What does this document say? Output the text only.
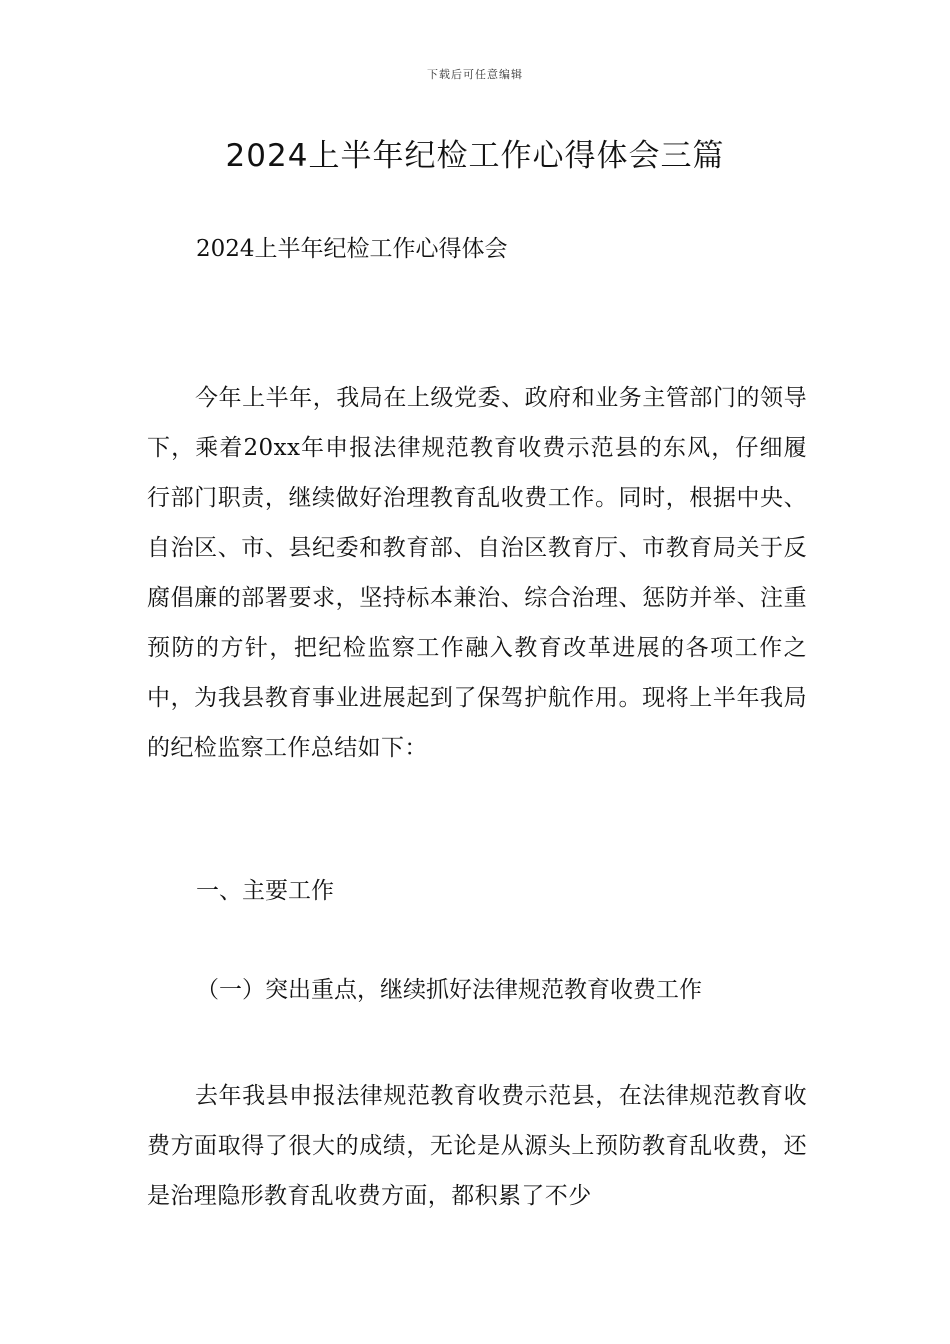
下载后可任意编辑
2024上半年纪检工作心得体会三篇
2024上半年纪检工作心得体会

今年上半年，我局在上级党委、政府和业务主管部门的领导下，乘着20xx年申报法律规范教育收费示范县的东风，仔细履行部门职责，继续做好治理教育乱收费工作。同时，根据中央、自治区、市、县纪委和教育部、自治区教育厅、市教育局关于反腐倡廉的部署要求，坚持标本兼治、综合治理、惩防并举、注重预防的方针，把纪检监察工作融入教育改革进展的各项工作之中，为我县教育事业进展起到了保驾护航作用。现将上半年我局的纪检监察工作总结如下：

一、主要工作
（一）突出重点，继续抓好法律规范教育收费工作

去年我县申报法律规范教育收费示范县，在法律规范教育收费方面取得了很大的成绩，无论是从源头上预防教育乱收费，还是治理隐形教育乱收费方面，都积累了不少
